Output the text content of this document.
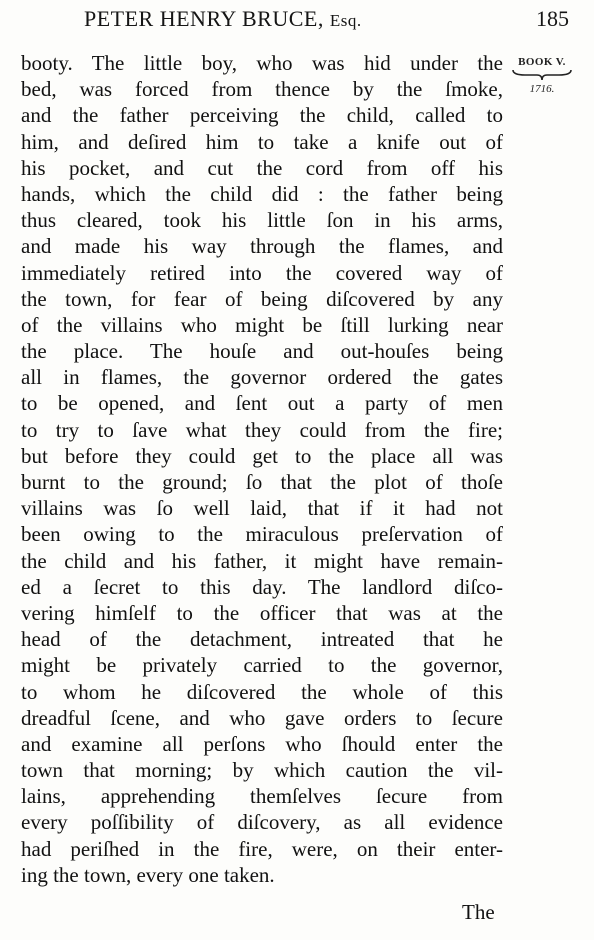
PETER HENRY BRUCE, Esq.	185
BOOK V.
1716.
booty. The little boy, who was hid under the
bed, was forced from thence by the ſmoke,
and the father perceiving the child, called to
him, and deſired him to take a knife out of
his pocket, and cut the cord from off his
hands, which the child did : the father being
thus cleared, took his little ſon in his arms,
and made his way through the flames, and
immediately retired into the covered way of
the town, for fear of being diſcovered by any
of the villains who might be ſtill lurking near
the place. The houſe and out-houſes being
all in flames, the governor ordered the gates
to be opened, and ſent out a party of men
to try to ſave what they could from the fire;
but before they could get to the place all was
burnt to the ground; ſo that the plot of thoſe
villains was ſo well laid, that if it had not
been owing to the miraculous preſervation of
the child and his father, it might have remain-
ed a ſecret to this day. The landlord diſco-
vering himſelf to the officer that was at the
head of the detachment, intreated that he
might be privately carried to the governor,
to whom he diſcovered the whole of this
dreadful ſcene, and who gave orders to ſecure
and examine all perſons who ſhould enter the
town that morning; by which caution the vil-
lains, apprehending themſelves ſecure from
every poſſibility of diſcovery, as all evidence
had periſhed in the fire, were, on their enter-
ing the town, every one taken.
The
